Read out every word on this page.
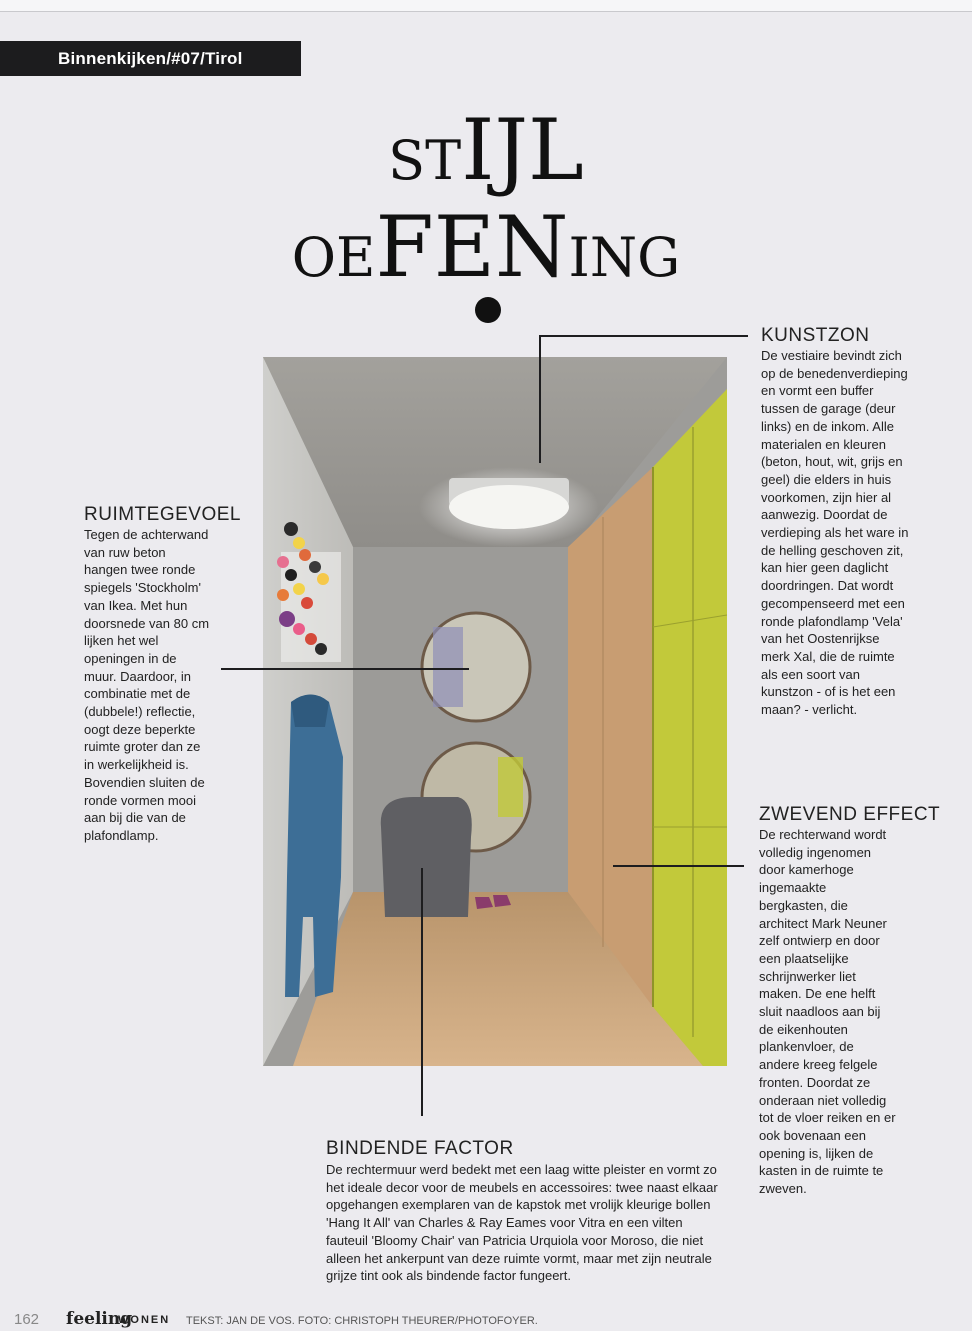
Binnenkijken/#07/Tirol
STIJL
OEFENING
KUNSTZON
De vestiaire bevindt zich op de benedenverdieping en vormt een buffer tussen de garage (deur links) en de inkom. Alle materialen en kleuren (beton, hout, wit, grijs en geel) die elders in huis voorkomen, zijn hier al aanwezig. Doordat de verdieping als het ware in de helling geschoven zit, kan hier geen daglicht doordringen. Dat wordt gecompenseerd met een ronde plafondlamp 'Vela' van het Oostenrijkse merk Xal, die de ruimte als een soort van kunstzon - of is het een maan? - verlicht.
RUIMTEGEVOEL
Tegen de achterwand van ruw beton hangen twee ronde spiegels 'Stockholm' van Ikea. Met hun doorsnede van 80 cm lijken het wel openingen in de muur. Daardoor, in combinatie met de (dubbele!) reflectie, oogt deze beperkte ruimte groter dan ze in werkelijkheid is. Bovendien sluiten de ronde vormen mooi aan bij die van de plafondlamp.
ZWEVEND EFFECT
De rechterwand wordt volledig ingenomen door kamerhoge ingemaakte bergkasten, die architect Mark Neuner zelf ontwierp en door een plaatselijke schrijnwerker liet maken. De ene helft sluit naadloos aan bij de eikenhouten plankenvloer, de andere kreeg felgele fronten. Doordat ze onderaan niet volledig tot de vloer reiken en er ook bovenaan een opening is, lijken de kasten in de ruimte te zweven.
BINDENDE FACTOR
De rechtermuur werd bedekt met een laag witte pleister en vormt zo het ideale decor voor de meubels en accessoires: twee naast elkaar opgehangen exemplaren van de kapstok met vrolijk kleurige bollen 'Hang It All' van Charles & Ray Eames voor Vitra en een vilten fauteuil 'Bloomy Chair' van Patricia Urquiola voor Moroso, die niet alleen het ankerpunt van deze ruimte vormt, maar met zijn neutrale grijze tint ook als bindende factor fungeert.
162 feeling
WONEN TEKST: JAN DE VOS. FOTO: CHRISTOPH THEURER/PHOTOFOYER.
